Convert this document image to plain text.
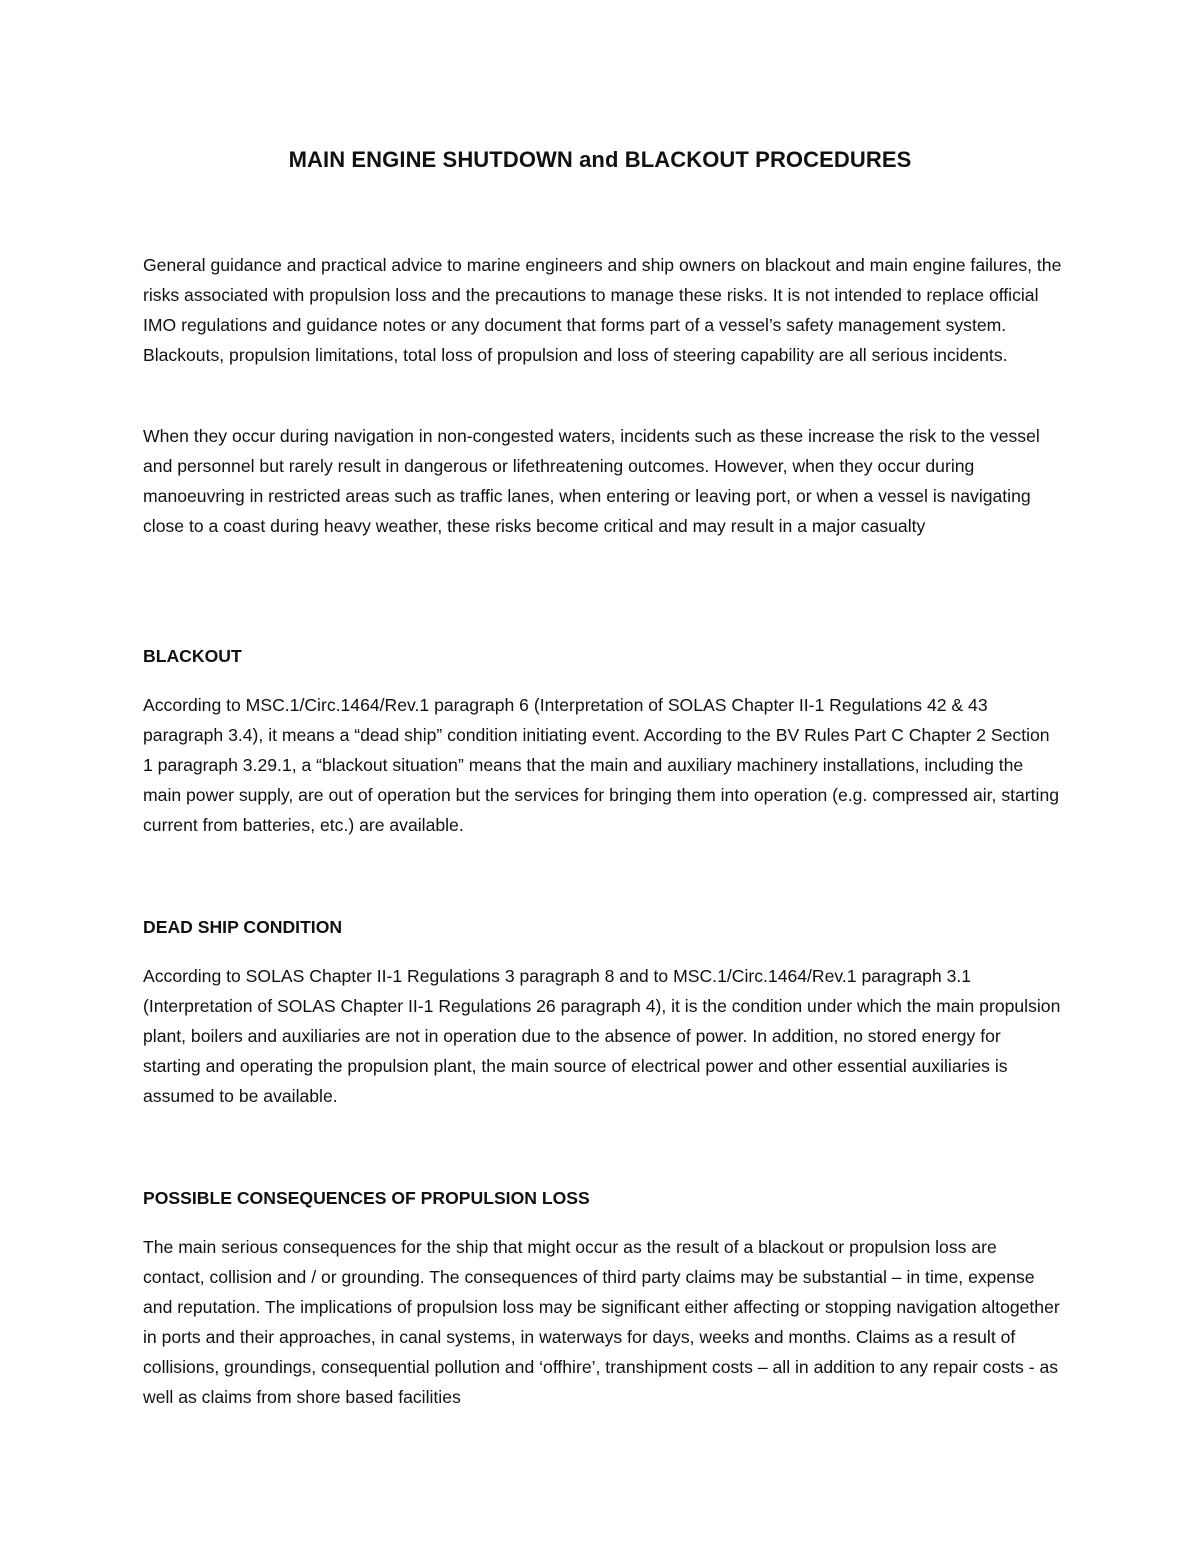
MAIN ENGINE SHUTDOWN and BLACKOUT PROCEDURES

General guidance and practical advice to marine engineers and ship owners on blackout and main engine failures, the risks associated with propulsion loss and the precautions to manage these risks. It is not intended to replace official IMO regulations and guidance notes or any document that forms part of a vessel’s safety management system. Blackouts, propulsion limitations, total loss of propulsion and loss of steering capability are all serious incidents.

When they occur during navigation in non-congested waters, incidents such as these increase the risk to the vessel and personnel but rarely result in dangerous or lifethreatening outcomes. However, when they occur during manoeuvring in restricted areas such as traffic lanes, when entering or leaving port, or when a vessel is navigating close to a coast during heavy weather, these risks become critical and may result in a major casualty

BLACKOUT

According to MSC.1/Circ.1464/Rev.1 paragraph 6 (Interpretation of SOLAS Chapter II-1 Regulations 42 & 43 paragraph 3.4), it means a “dead ship” condition initiating event. According to the BV Rules Part C Chapter 2 Section 1 paragraph 3.29.1, a “blackout situation” means that the main and auxiliary machinery installations, including the main power supply, are out of operation but the services for bringing them into operation (e.g. compressed air, starting current from batteries, etc.) are available.

DEAD SHIP CONDITION

According to SOLAS Chapter II-1 Regulations 3 paragraph 8 and to MSC.1/Circ.1464/Rev.1 paragraph 3.1 (Interpretation of SOLAS Chapter II-1 Regulations 26 paragraph 4), it is the condition under which the main propulsion plant, boilers and auxiliaries are not in operation due to the absence of power. In addition, no stored energy for starting and operating the propulsion plant, the main source of electrical power and other essential auxiliaries is assumed to be available.

POSSIBLE CONSEQUENCES OF PROPULSION LOSS

The main serious consequences for the ship that might occur as the result of a blackout or propulsion loss are contact, collision and / or grounding. The consequences of third party claims may be substantial – in time, expense and reputation. The implications of propulsion loss may be significant either affecting or stopping navigation altogether in ports and their approaches, in canal systems, in waterways for days, weeks and months. Claims as a result of collisions, groundings, consequential pollution and ‘offhire’, transhipment costs – all in addition to any repair costs - as well as claims from shore based facilities
